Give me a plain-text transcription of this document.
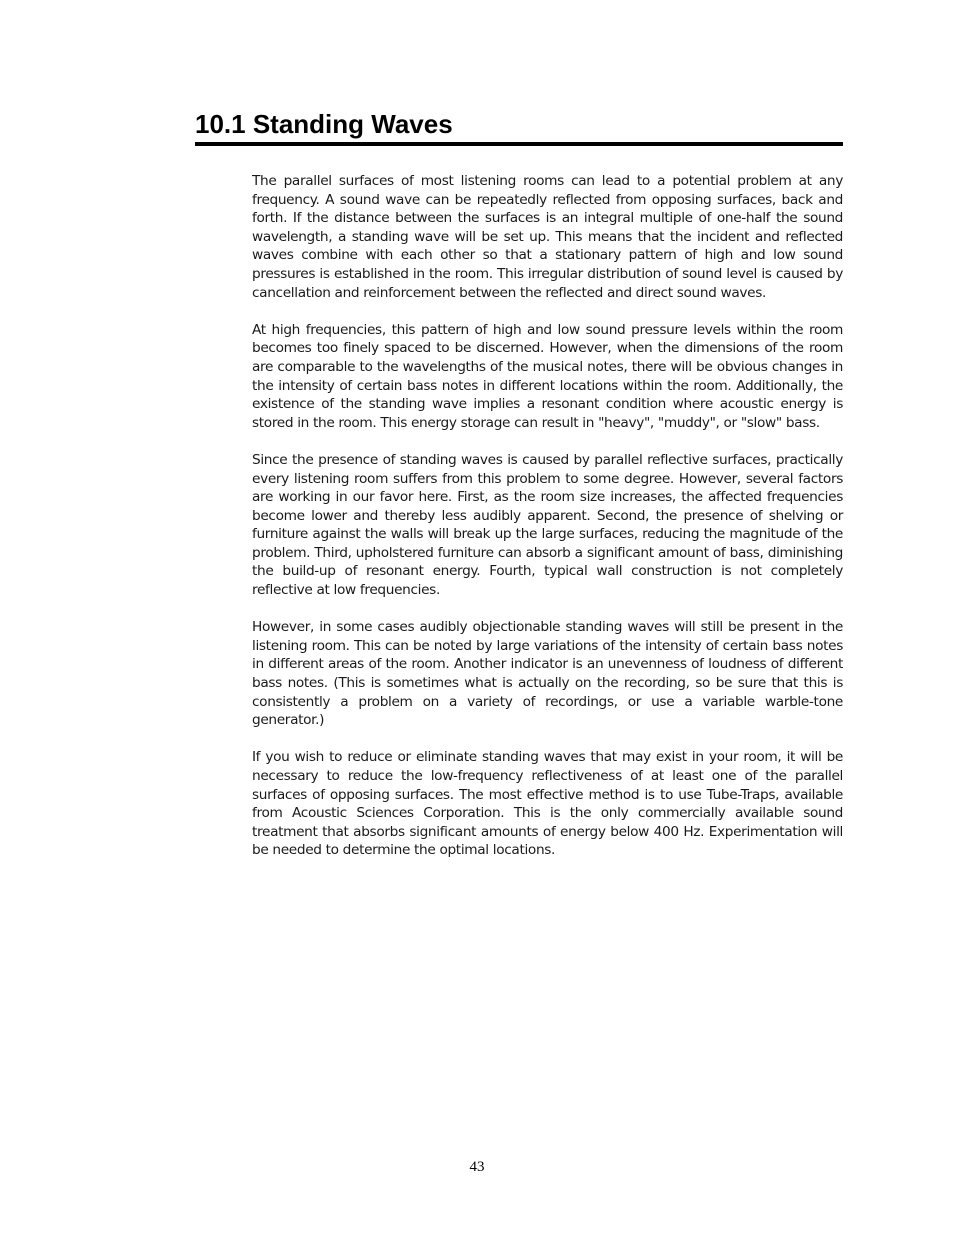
10.1 Standing Waves

The parallel surfaces of most listening rooms can lead to a potential problem at any frequency. A sound wave can be repeatedly reflected from opposing surfaces, back and forth. If the distance between the surfaces is an integral multiple of one-half the sound wavelength, a standing wave will be set up. This means that the incident and reflected waves combine with each other so that a stationary pattern of high and low sound pressures is established in the room. This irregular distribution of sound level is caused by cancellation and reinforcement between the reflected and direct sound waves.

At high frequencies, this pattern of high and low sound pressure levels within the room becomes too finely spaced to be discerned. However, when the dimensions of the room are comparable to the wavelengths of the musical notes, there will be obvious changes in the intensity of certain bass notes in different locations within the room. Additionally, the existence of the standing wave implies a resonant condition where acoustic energy is stored in the room. This energy storage can result in "heavy", "muddy", or "slow" bass.

Since the presence of standing waves is caused by parallel reflective surfaces, practically every listening room suffers from this problem to some degree. However, several factors are working in our favor here. First, as the room size increases, the affected frequencies become lower and thereby less audibly apparent. Second, the presence of shelving or furniture against the walls will break up the large surfaces, reducing the magnitude of the problem. Third, upholstered furniture can absorb a significant amount of bass, diminishing the build-up of resonant energy. Fourth, typical wall construction is not completely reflective at low frequencies.

However, in some cases audibly objectionable standing waves will still be present in the listening room. This can be noted by large variations of the intensity of certain bass notes in different areas of the room. Another indicator is an unevenness of loudness of different bass notes. (This is sometimes what is actually on the recording, so be sure that this is consistently a problem on a variety of recordings, or use a variable warble-tone generator.)

If you wish to reduce or eliminate standing waves that may exist in your room, it will be necessary to reduce the low-frequency reflectiveness of at least one of the parallel surfaces of opposing surfaces. The most effective method is to use Tube-Traps, available from Acoustic Sciences Corporation. This is the only commercially available sound treatment that absorbs significant amounts of energy below 400 Hz. Experimentation will be needed to determine the optimal locations.

43
